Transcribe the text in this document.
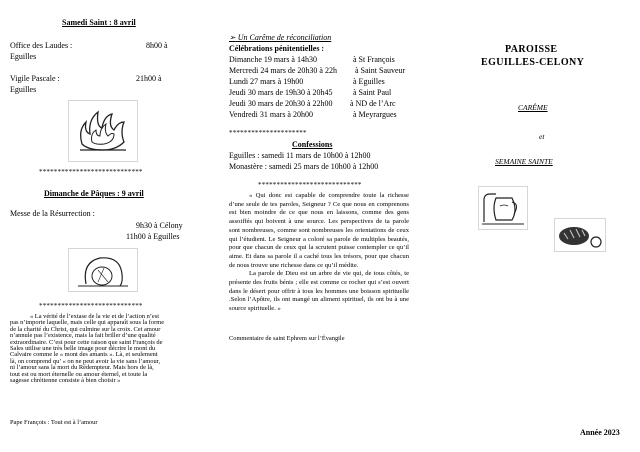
Samedi Saint : 8 avril
Office des Laudes :	8h00 à
Eguilles
Vigile Pascale :	21h00 à
Eguilles
****************************
Dimanche de Pâques : 9 avril
Messe de la Résurrection :
9h30 à Célony
11h00 à Eguilles
****************************
« La vérité de l’extase de la vie et de l’action n’est
pas n’importe laquelle, mais celle qui apparaît sous la forme
de la charité du Christ, qui culmine sur la croix. Cet amour
n’annule pas l’existence, mais la fait briller d’une qualité
extraordinaire. C’est pour cette raison que saint François de
Sales utilise une très belle image pour décrire le mont du
Calvaire comme le « mont des amants ». Là, et seulement
là, on comprend qu’ « on ne peut avoir la vie sans l’amour,
ni l’amour sans la mort du Rédempteur. Mais hors de là,
tout est ou mort éternelle ou amour éternel, et toute la
sagesse chrétienne consiste à bien choisir »
Pape François : Tout est à l’amour
➢ Un Carême de réconciliation
Célébrations pénitentielles :
Dimanche 19 mars à 14h30	à St François
Mercredi 24 mars de 20h30 à 22h à Saint Sauveur
Lundi 27 mars à 19h00	à Eguilles
Jeudi 30 mars de 19h30 à 20h45	à Saint Paul
Jeudi 30 mars de 20h30 à 22h00 à ND de l’Arc
Vendredi 31 mars à 20h00	à Meyrargues
*********************
Confessions
Eguilles : samedi 11 mars de 10h00 à 12h00
Monastère : samedi 25 mars de 10h00 à 12h00
****************************

« Qui donc est capable de comprendre toute la richesse d’une seule de tes paroles, Seigneur ? Ce que nous en comprenons est bien moindre de ce que nous en laissons, comme des gens assoiffés qui boivent à une source. Les perspectives de ta parole sont nombreuses, comme sont nombreuses les orientations de ceux qui l’étudient. Le Seigneur a coloré sa parole de multiples beautés, pour que chacun de ceux qui la scrutent puisse contempler ce qu’il aime. Et dans sa parole il a caché tous les trésors, pour que chacun de nous trouve une richesse dans ce qu’il médite.

La parole de Dieu est un arbre de vie qui, de tous côtés, te présente des fruits bénis ; elle est comme ce rocher qui s’est ouvert dans le désert pour offrir à tous les hommes une boisson spirituelle .Selon l’Apôtre, ils ont mangé un aliment spirituel, ils ont bu à une source spirituelle. »

Commentaire de saint Ephrem sur l’Évangile
PAROISSE
EGUILLES-CELONY
CARÊME
et
SEMAINE SAINTE
Année 2023
